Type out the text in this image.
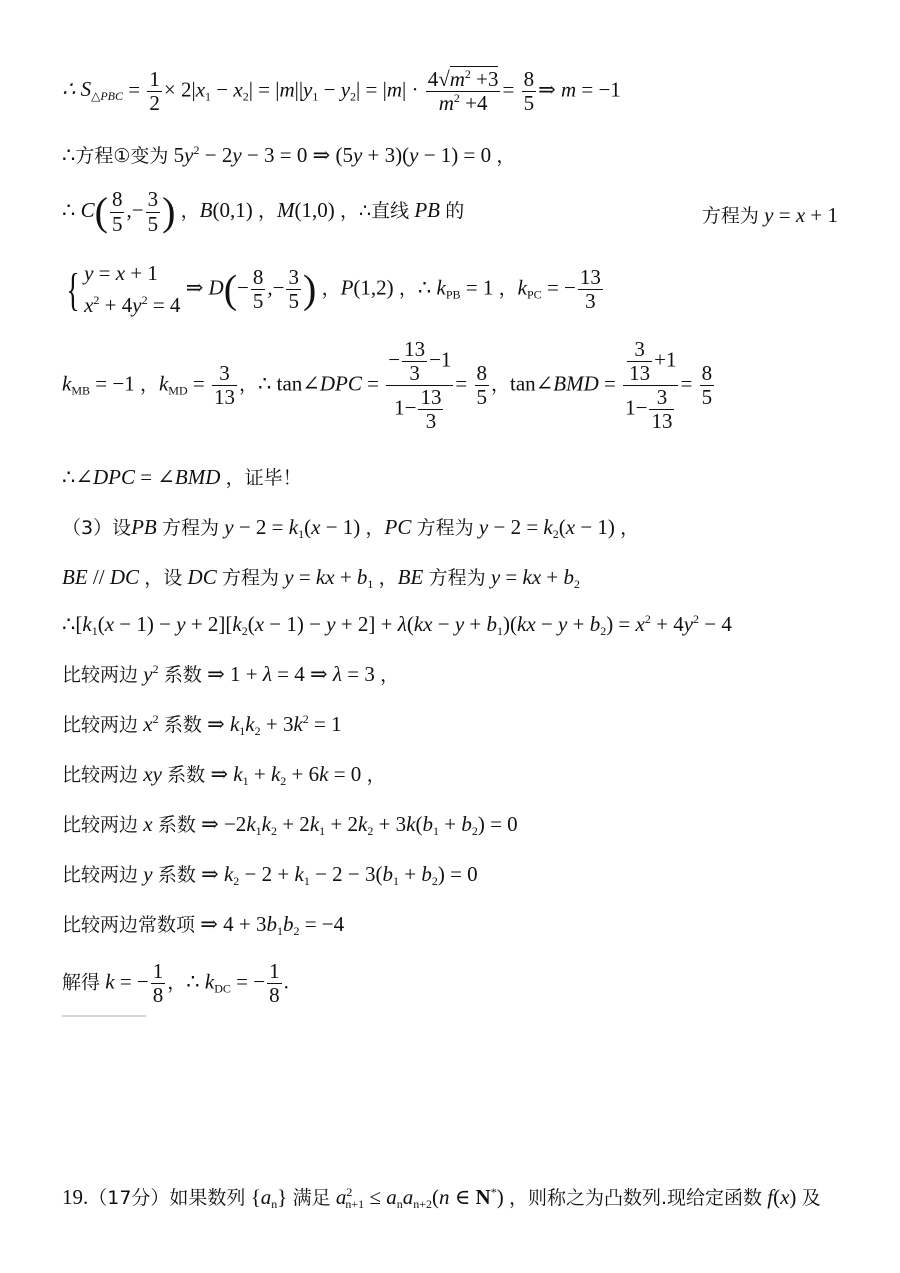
∴ $S_{\triangle PBC} = \frac{1}{2} \times 2|x_1 - x_2| = |m||y_1 - y_2| = |m| \cdot \frac{4√m^2 +3}{m^2 +4} = \frac{8}{5}$ ⇒ m = −1
∴方程①变为 $5y^2 - 2y - 3 = 0$ ⇒ (5y + 3)(y − 1) = 0 ，
∴ $C( \frac{8}{5}$ ,− $\frac{3}{5}$ ) ，B(0,1) ，M(1,0) ，∴直线 PB 的	方程为 y = x + 1
{ y = x + 1
$x^2 + 4y^2 = 4$ ⇒ $D(- \frac{8}{5}$ ,− $\frac{3}{5}$ ) ，P(1,2) ，∴ $k_{PB} = 1$ ，$k_{PC}$ = − $\frac{13}{3}$
$k_{MB} = -1$ ，$k_{MD} = \frac{3}{13}$ ，∴ tan∠DPC = $\frac{- \frac{13}{3} -1}{1- \frac{13}{3}} = \frac{8}{5}$ ，tan∠BMD = $\frac{\frac{3}{13} +1}{1- \frac{3}{13}} = \frac{8}{5}$
∴∠DPC = ∠BMD ，证毕！
（3）设PB 方程为 $y - 2 = k_1(x - 1)$ ，PC 方程为 $y - 2 = k_2(x - 1)$ ，
BE // DC ，设 DC 方程为 y = kx + $b_1$ ，BE 方程为 y = kx + $b_2$
$\therefore[k_1(x - 1) - y + 2][k_2(x - 1) - y + 2] + \lambda(kx - y + b_1)(kx - y + b_2) = x^2 + 4y^2 - 4$
比较两边 $y^2$ 系数 ⇒ 1 + λ = 4 ⇒ λ = 3 ，
比较两边 $x^2$ 系数 ⇒ $k_1k_2 + 3k^2 = 1$
比较两边 xy 系数 ⇒ $k_1 + k_2 + 6k = 0$ ，
比较两边 x 系数 ⇒ $-2k_1k_2 + 2k_1 + 2k_2 + 3k(b_1 + b_2) = 0$
比较两边 y 系数 ⇒ $k_2 - 2 + k_1 - 2 - 3(b_1 + b_2) = 0$
比较两边常数项 ⇒ $4 + 3b_1b_2 = -4$
解得 k = − $\frac{1}{8}$ ，∴ $k_{DC}$ = − $\frac{1}{8}$ .
19.（17分）如果数列 $\{a_n\}$ 满足 $a^2_{n+1} \le a_na_{n+2}(n$ ∈ N*) ，则称之为凸数列.现给定函数 f(x) 及
